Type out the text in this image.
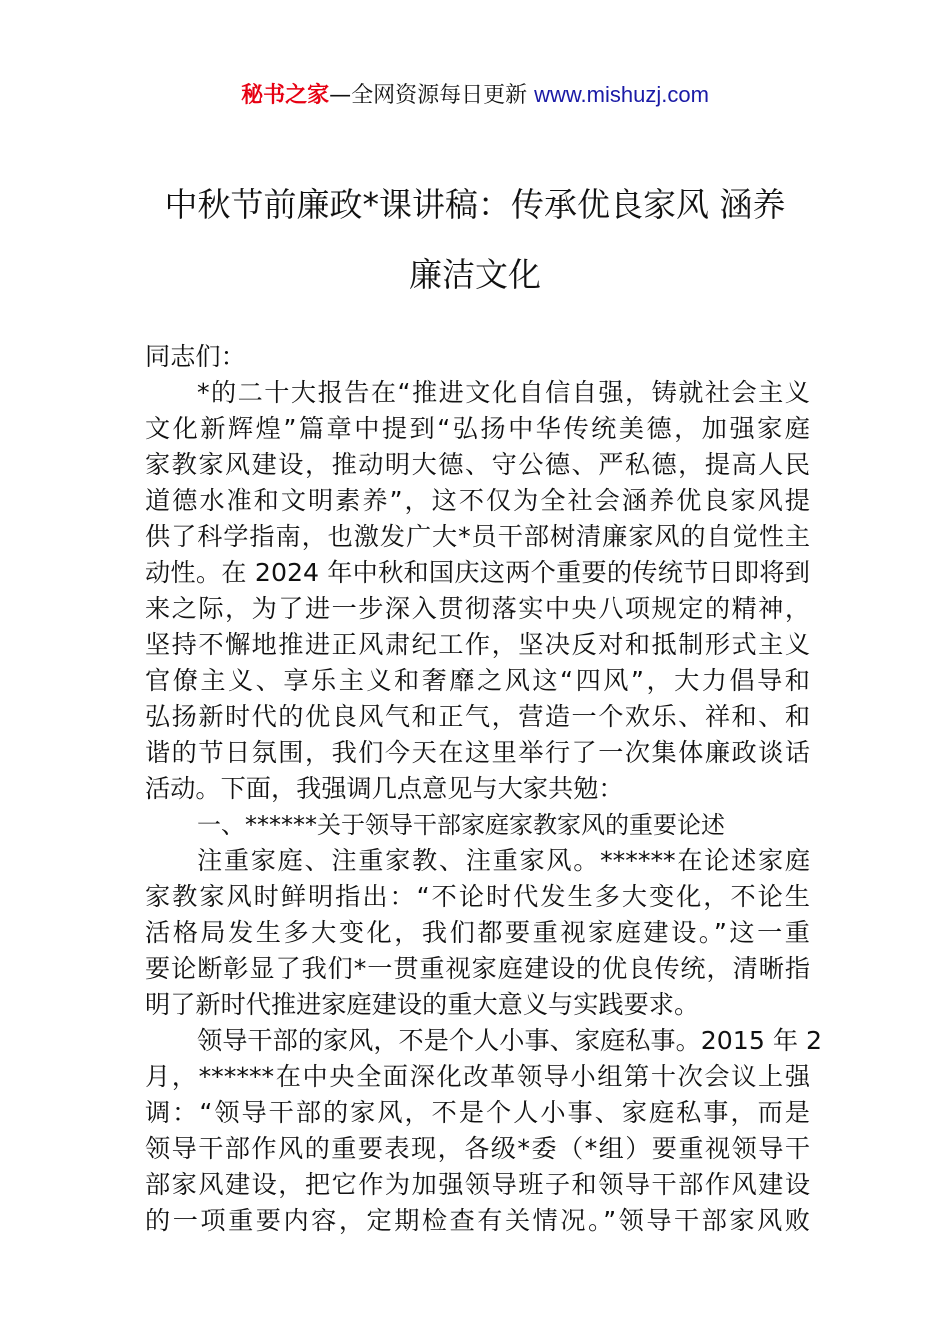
秘书之家—全网资源每日更新 www.mishuzj.com
中秋节前廉政*课讲稿：传承优良家风 涵养
廉洁文化
同志们：
*的二十大报告在“推进文化自信自强，铸就社会主义
文化新辉煌”篇章中提到“弘扬中华传统美德，加强家庭
家教家风建设，推动明大德、守公德、严私德，提高人民
道德水准和文明素养”，这不仅为全社会涵养优良家风提
供了科学指南，也激发广大*员干部树清廉家风的自觉性主
动性。在 2024 年中秋和国庆这两个重要的传统节日即将到
来之际，为了进一步深入贯彻落实中央八项规定的精神，
坚持不懈地推进正风肃纪工作，坚决反对和抵制形式主义
官僚主义、享乐主义和奢靡之风这“四风”，大力倡导和
弘扬新时代的优良风气和正气，营造一个欢乐、祥和、和
谐的节日氛围，我们今天在这里举行了一次集体廉政谈话
活动。下面，我强调几点意见与大家共勉：
一、******关于领导干部家庭家教家风的重要论述
注重家庭、注重家教、注重家风。******在论述家庭
家教家风时鲜明指出：“不论时代发生多大变化，不论生
活格局发生多大变化，我们都要重视家庭建设。”这一重
要论断彰显了我们*一贯重视家庭建设的优良传统，清晰指
明了新时代推进家庭建设的重大意义与实践要求。
领导干部的家风，不是个人小事、家庭私事。2015 年 2
月，******在中央全面深化改革领导小组第十次会议上强
调：“领导干部的家风，不是个人小事、家庭私事，而是
领导干部作风的重要表现，各级*委（*组）要重视领导干
部家风建设，把它作为加强领导班子和领导干部作风建设
的一项重要内容，定期检查有关情况。”领导干部家风败
